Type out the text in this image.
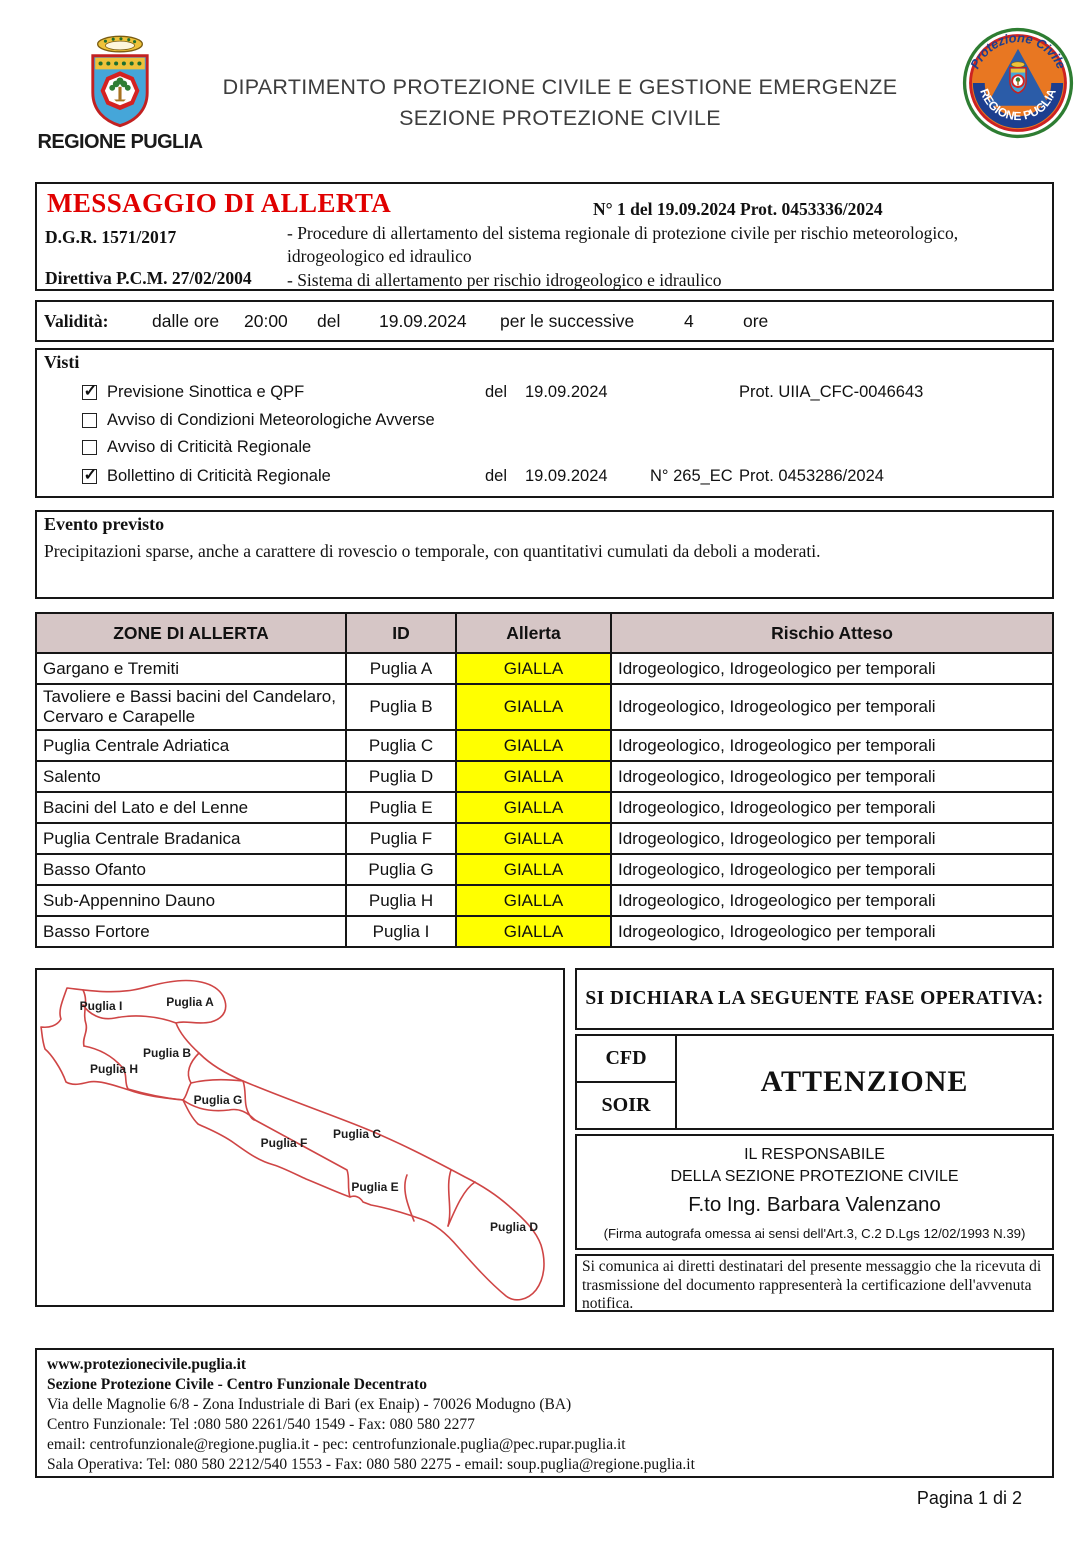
REGIONE PUGLIA
DIPARTIMENTO PROTEZIONE CIVILE E GESTIONE EMERGENZE
SEZIONE PROTEZIONE CIVILE
Protezione Civile
REGIONE PUGLIA
MESSAGGIO DI ALLERTA	N° 1 del 19.09.2024 Prot. 0453336/2024
D.G.R. 1571/2017	- Procedure di allertamento del sistema regionale di protezione civile per rischio meteorologico, idrogeologico ed idraulico
Direttiva P.C.M. 27/02/2004 - Sistema di allertamento per rischio idrogeologico e idraulico
Validità: dalle ore 20:00 del 19.09.2024 per le successive	4	ore
Visti
✓
Previsione Sinottica e QPF	del 19.09.2024	Prot. UIIA_CFC-0046643
Avviso di Condizioni Meteorologiche Avverse
Avviso di Criticità Regionale
✓
Bollettino di Criticità Regionale	del 19.09.2024	N° 265_EC Prot. 0453286/2024
Evento previsto
Precipitazioni sparse, anche a carattere di rovescio o temporale, con quantitativi cumulati da deboli a moderati.
ZONE DI ALLERTA	ID	Allerta	Rischio Atteso
Gargano e Tremiti	Puglia A	GIALLA	Idrogeologico, Idrogeologico per temporali
Tavoliere e Bassi bacini del Candelaro, Cervaro e Carapelle	Puglia B	GIALLA	Idrogeologico, Idrogeologico per temporali
Puglia Centrale Adriatica	Puglia C	GIALLA	Idrogeologico, Idrogeologico per temporali
Salento	Puglia D	GIALLA	Idrogeologico, Idrogeologico per temporali
Bacini del Lato e del Lenne	Puglia E	GIALLA	Idrogeologico, Idrogeologico per temporali
Puglia Centrale Bradanica	Puglia F	GIALLA	Idrogeologico, Idrogeologico per temporali
Basso Ofanto	Puglia G	GIALLA	Idrogeologico, Idrogeologico per temporali
Sub-Appennino Dauno	Puglia H	GIALLA	Idrogeologico, Idrogeologico per temporali
Basso Fortore	Puglia I	GIALLA	Idrogeologico, Idrogeologico per temporali
Puglia I	Puglia A
Puglia B
Puglia H
Puglia G
Puglia F
Puglia C
Puglia E
Puglia D
SI DICHIARA LA SEGUENTE FASE OPERATIVA:
CFD
SOIR
ATTENZIONE
IL RESPONSABILE
DELLA SEZIONE PROTEZIONE CIVILE
F.to Ing. Barbara Valenzano
(Firma autografa omessa ai sensi dell'Art.3, C.2 D.Lgs 12/02/1993 N.39)
Si comunica ai diretti destinatari del presente messaggio che la ricevuta di trasmissione del documento rappresenterà la certificazione dell'avvenuta notifica.
www.protezionecivile.puglia.it
Sezione Protezione Civile - Centro Funzionale Decentrato
Via delle Magnolie 6/8 - Zona Industriale di Bari (ex Enaip) - 70026 Modugno (BA)
Centro Funzionale: Tel :080 580 2261/540 1549 - Fax: 080 580 2277
email: centrofunzionale@regione.puglia.it - pec: centrofunzionale.puglia@pec.rupar.puglia.it
Sala Operativa: Tel: 080 580 2212/540 1553 - Fax: 080 580 2275 - email: soup.puglia@regione.puglia.it
Pagina 1 di 2
